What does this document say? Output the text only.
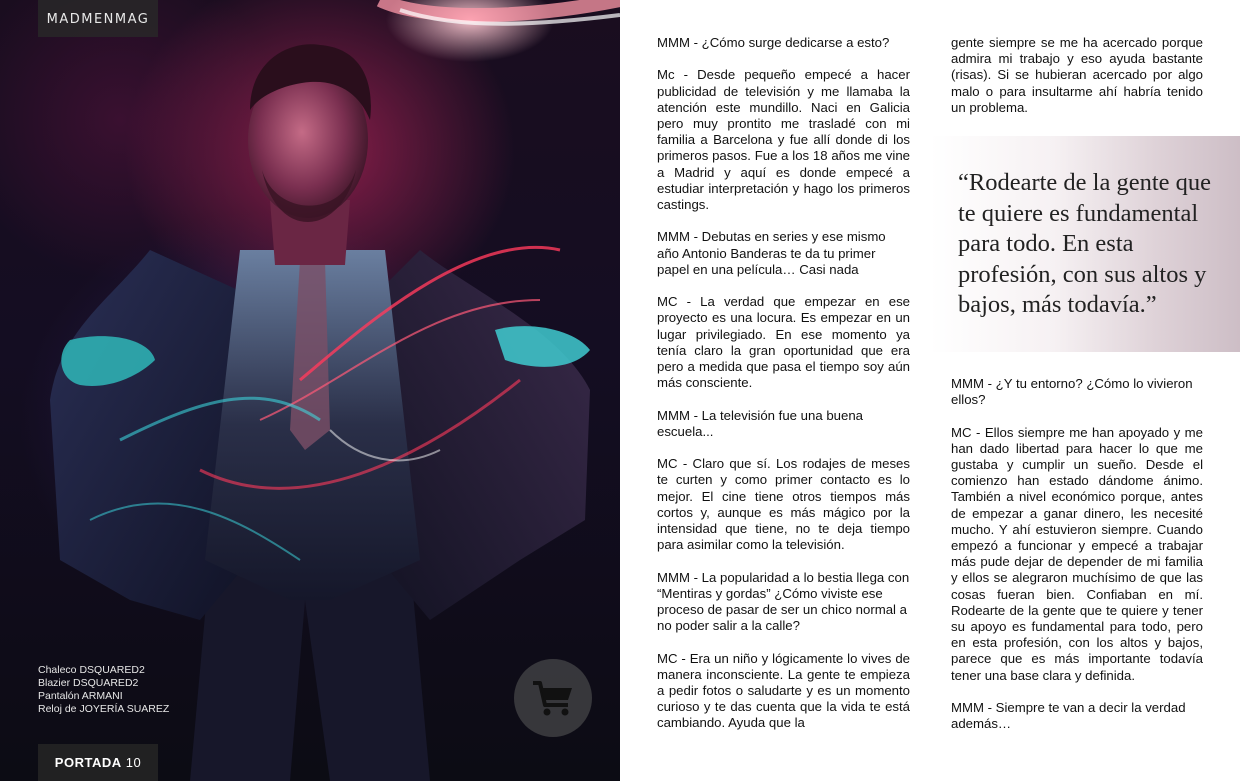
MADMENMAG
Chaleco DSQUARED2
Blazier DSQUARED2
Pantalón ARMANI
Reloj de JOYERÍA SUAREZ
PORTADA 10

MMM - ¿Cómo surge dedicarse a esto?

Mc - Desde pequeño empecé a hacer publicidad de televisión y me llamaba la atención este mundillo. Naci en Galicia pero muy prontito me trasladé con mi familia a Barcelona y fue allí donde di los primeros pasos. Fue a los 18 años me vine a Madrid y aquí es donde empecé a estudiar interpretación y hago los primeros castings.

MMM - Debutas en series y ese mismo año Antonio Banderas te da tu primer papel en una película… Casi nada

MC - La verdad que empezar en ese proyecto es una locura. Es empezar en un lugar privilegiado. En ese momento ya tenía claro la gran oportunidad que era pero a medida que pasa el tiempo soy aún más consciente.

MMM - La televisión fue una buena escuela...

MC - Claro que sí. Los rodajes de meses te curten y como primer contacto es lo mejor. El cine tiene otros tiempos más cortos y, aunque es más mágico por la intensidad que tiene, no te deja tiempo para asimilar como la televisión.

MMM - La popularidad a lo bestia llega con “Mentiras y gordas” ¿Cómo viviste ese proceso de pasar de ser un chico normal a no poder salir a la calle?

MC - Era un niño y lógicamente lo vives de manera inconsciente. La gente te empieza a pedir fotos o saludarte y es un momento curioso y te das cuenta que la vida te está cambiando. Ayuda que la

gente siempre se me ha acercado porque admira mi trabajo y eso ayuda bastante (risas). Si se hubieran acercado por algo malo o para insultarme ahí habría tenido un problema.

“Rodearte de la gente que te quiere es fundamental para todo. En esta profesión, con sus altos y bajos, más todavía.”

MMM - ¿Y tu entorno? ¿Cómo lo vivieron ellos?

MC - Ellos siempre me han apoyado y me han dado libertad para hacer lo que me gustaba y cumplir un sueño. Desde el comienzo han estado dándome ánimo. También a nivel económico porque, antes de empezar a ganar dinero, les necesité mucho. Y ahí estuvieron siempre. Cuando empezó a funcionar y empecé a trabajar más pude dejar de depender de mi familia y ellos se alegraron muchísimo de que las cosas fueran bien. Confiaban en mí. Rodearte de la gente que te quiere y tener su apoyo es fundamental para todo, pero en esta profesión, con los altos y bajos, parece que es más importante todavía tener una base clara y definida.

MMM - Siempre te van a decir la verdad además…
